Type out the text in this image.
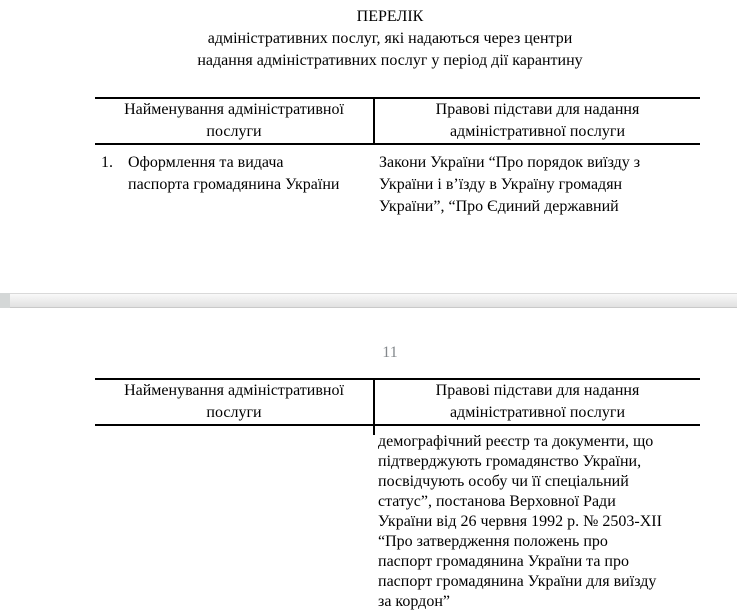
ПЕРЕЛІК
адміністративних послуг, які надаються через центри
надання адміністративних послуг у період дії карантину
Найменування адміністративної
послуги
Правові підстави для надання
адміністративної послуги
1. Оформлення та видача
паспорта громадянина України
Закони України “Про порядок виїзду з
України і в’їзду в Україну громадян
України”, “Про Єдиний державний
11
Найменування адміністративної
послуги
Правові підстави для надання
адміністративної послуги
демографічний реєстр та документи, що
підтверджують громадянство України,
посвідчують особу чи її спеціальний
статус”, постанова Верховної Ради
України від 26 червня 1992 р. № 2503-XII
“Про затвердження положень про
паспорт громадянина України та про
паспорт громадянина України для виїзду
за кордон”
